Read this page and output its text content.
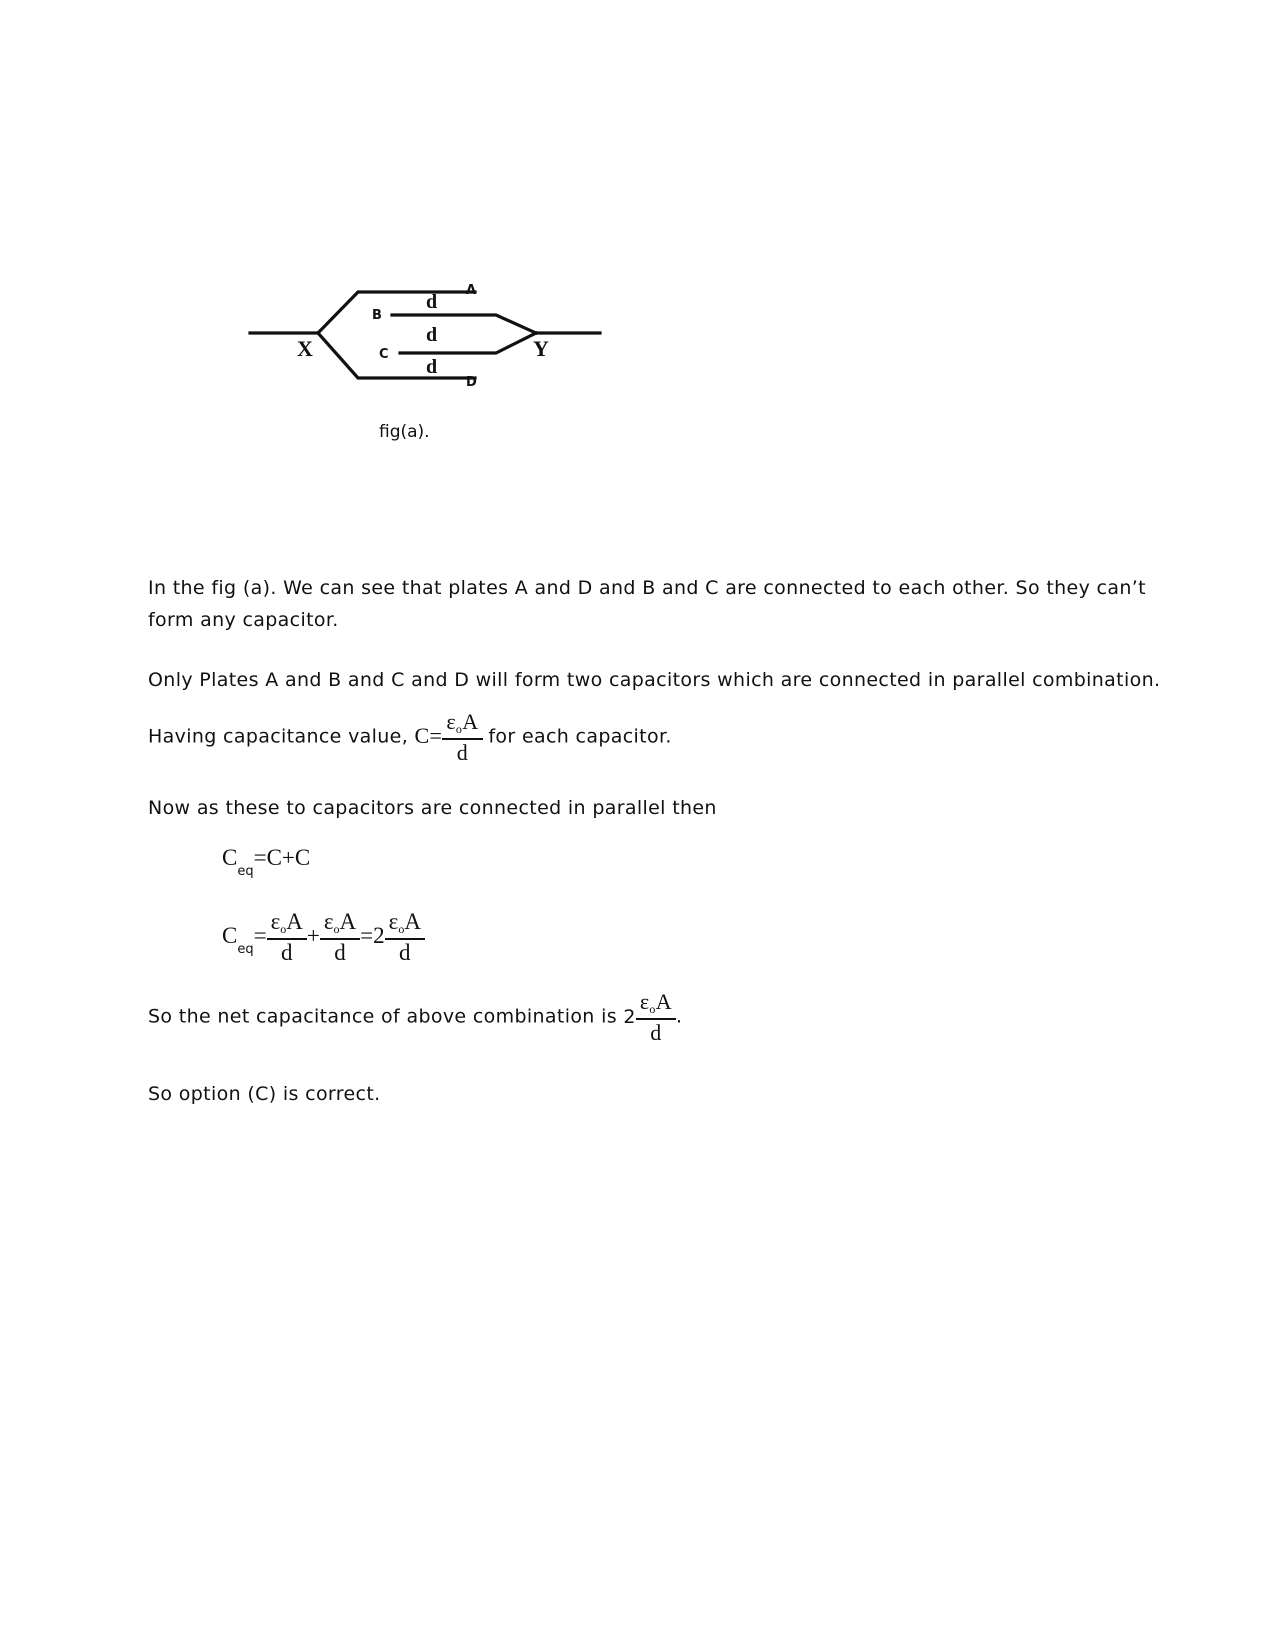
A
B
C
D
d
d
d
X	Y
fig(a).

In the fig (a). We can see that plates A and D and B and C are connected to each other. So they can’t
form any capacitor.

Only Plates A and B and C and D will form two capacitors which are connected in parallel combination.

Having capacitance value, $C= \frac{\text{εoA}}{d}$ for each capacitor.

Now as these to capacitors are connected in parallel then

$C_{eq}=C+C$
$C_{eq}= \frac{\text{εoA}}{d} + \frac{\text{εoA}}{d} =2 \frac{\text{εoA}}{d}$
So the net capacitance of above combination is $2 \frac{\text{εoA}}{d}$ .

So option (C) is correct.
